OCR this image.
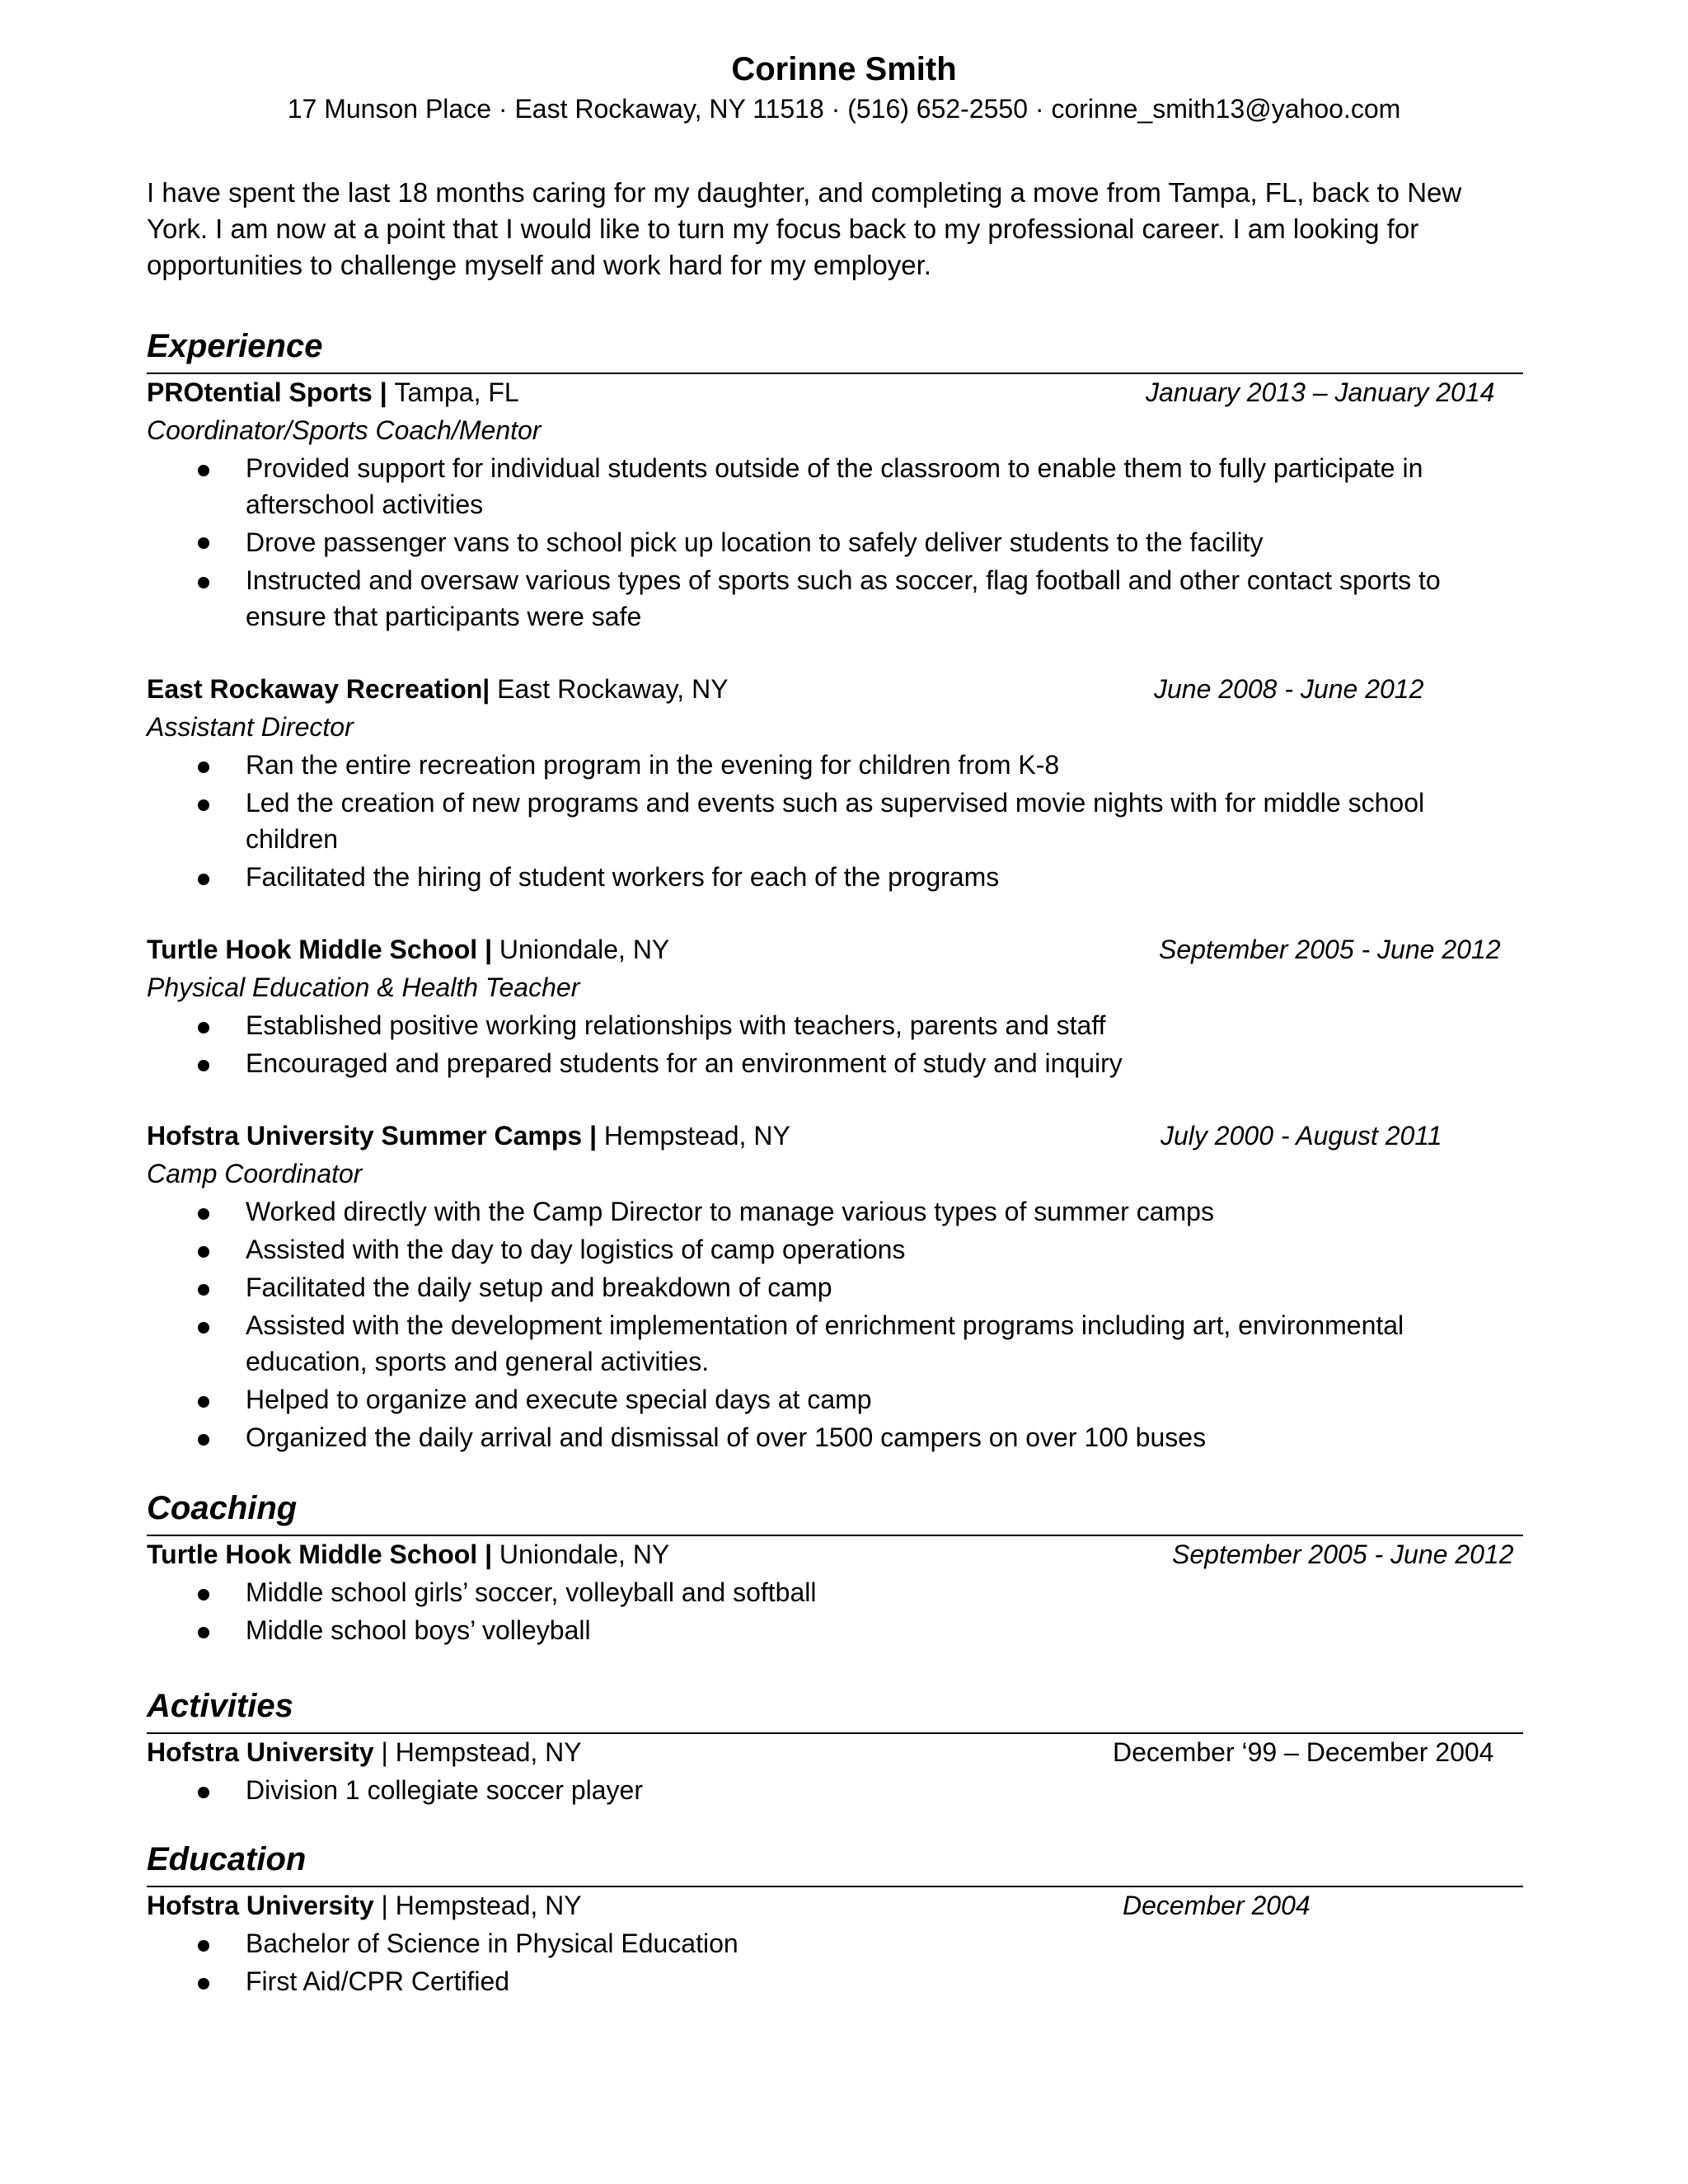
Corinne Smith
17 Munson Place · East Rockaway, NY 11518 · (516) 652-2550 · corinne_smith13@yahoo.com
I have spent the last 18 months caring for my daughter, and completing a move from Tampa, FL, back to New
York. I am now at a point that I would like to turn my focus back to my professional career. I am looking for
opportunities to challenge myself and work hard for my employer.
Experience
PROtential Sports | Tampa, FL	January 2013 – January 2014
Coordinator/Sports Coach/Mentor
Provided support for individual students outside of the classroom to enable them to fully participate in
afterschool activities
Drove passenger vans to school pick up location to safely deliver students to the facility
Instructed and oversaw various types of sports such as soccer, flag football and other contact sports to
ensure that participants were safe
East Rockaway Recreation| East Rockaway, NY	June 2008 - June 2012
Assistant Director
Ran the entire recreation program in the evening for children from K-8
Led the creation of new programs and events such as supervised movie nights with for middle school
children
Facilitated the hiring of student workers for each of the programs
Turtle Hook Middle School | Uniondale, NY	September 2005 - June 2012
Physical Education & Health Teacher
Established positive working relationships with teachers, parents and staff
Encouraged and prepared students for an environment of study and inquiry
Hofstra University Summer Camps | Hempstead, NY	July 2000 - August 2011
Camp Coordinator
Worked directly with the Camp Director to manage various types of summer camps
Assisted with the day to day logistics of camp operations
Facilitated the daily setup and breakdown of camp
Assisted with the development implementation of enrichment programs including art, environmental
education, sports and general activities.
Helped to organize and execute special days at camp
Organized the daily arrival and dismissal of over 1500 campers on over 100 buses
Coaching
Turtle Hook Middle School | Uniondale, NY	September 2005 - June 2012
Middle school girls’ soccer, volleyball and softball
Middle school boys’ volleyball
Activities
Hofstra University | Hempstead, NY	December ‘99 – December 2004
Division 1 collegiate soccer player
Education
Hofstra University | Hempstead, NY	December 2004
Bachelor of Science in Physical Education
First Aid/CPR Certified
